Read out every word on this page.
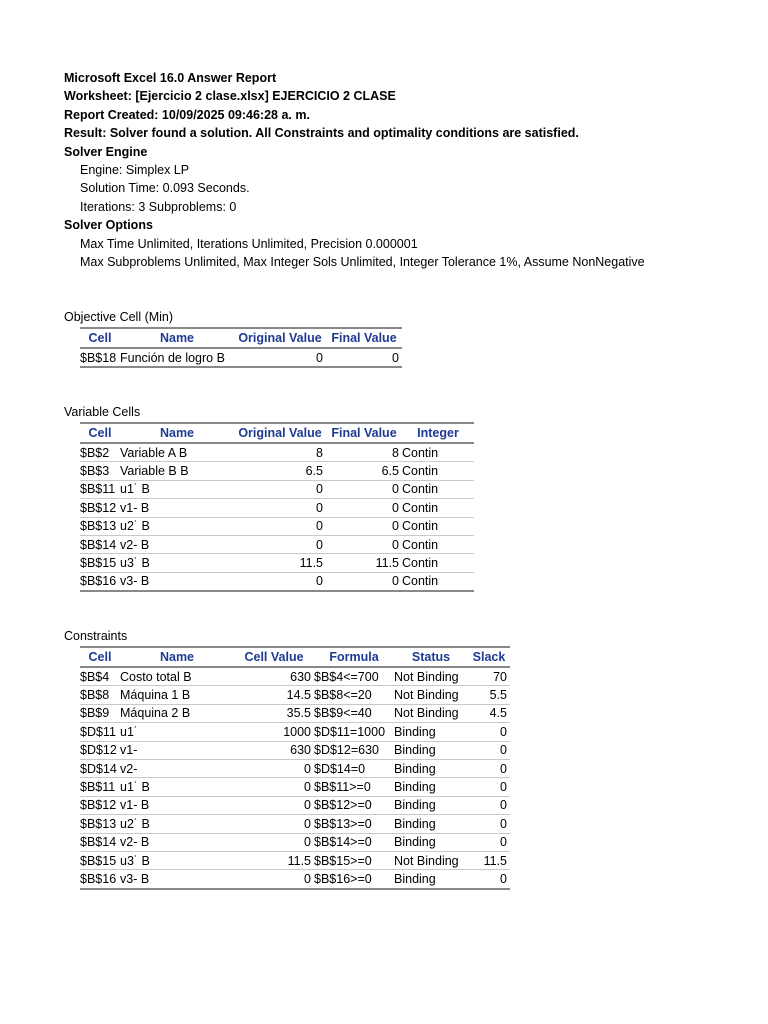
Microsoft Excel 16.0 Answer Report
Worksheet: [Ejercicio 2 clase.xlsx] EJERCICIO 2 CLASE
Report Created: 10/09/2025 09:46:28 a. m.
Result: Solver found a solution. All Constraints and optimality conditions are satisfied.
Solver Engine
Engine: Simplex LP
Solution Time: 0.093 Seconds.
Iterations: 3 Subproblems: 0
Solver Options
Max Time Unlimited, Iterations Unlimited, Precision 0.000001
Max Subproblems Unlimited, Max Integer Sols Unlimited, Integer Tolerance 1%, Assume NonNegative
Objective Cell (Min)
Cell	Name	Original Value	Final Value
$B$18	Función de logro B	0	0
Variable Cells
Cell	Name	Original Value	Final Value	Integer
$B$2	Variable A B	8	8	Contin
$B$3	Variable B B	6.5	6.5	Contin
$B$11	u1˙ B	0	0	Contin
$B$12	v1- B	0	0	Contin
$B$13	u2˙ B	0	0	Contin
$B$14	v2- B	0	0	Contin
$B$15	u3˙ B	11.5	11.5	Contin
$B$16	v3- B	0	0	Contin
Constraints
Cell	Name	Cell Value	Formula	Status	Slack
$B$4	Costo total B	630	$B$4<=700	Not Binding	70
$B$8	Máquina 1 B	14.5	$B$8<=20	Not Binding	5.5
$B$9	Máquina 2 B	35.5	$B$9<=40	Not Binding	4.5
$D$11	u1˙	1000	$D$11=1000	Binding	0
$D$12	v1-	630	$D$12=630	Binding	0
$D$14	v2-	0	$D$14=0	Binding	0
$B$11	u1˙ B	0	$B$11>=0	Binding	0
$B$12	v1- B	0	$B$12>=0	Binding	0
$B$13	u2˙ B	0	$B$13>=0	Binding	0
$B$14	v2- B	0	$B$14>=0	Binding	0
$B$15	u3˙ B	11.5	$B$15>=0	Not Binding	11.5
$B$16	v3- B	0	$B$16>=0	Binding	0
